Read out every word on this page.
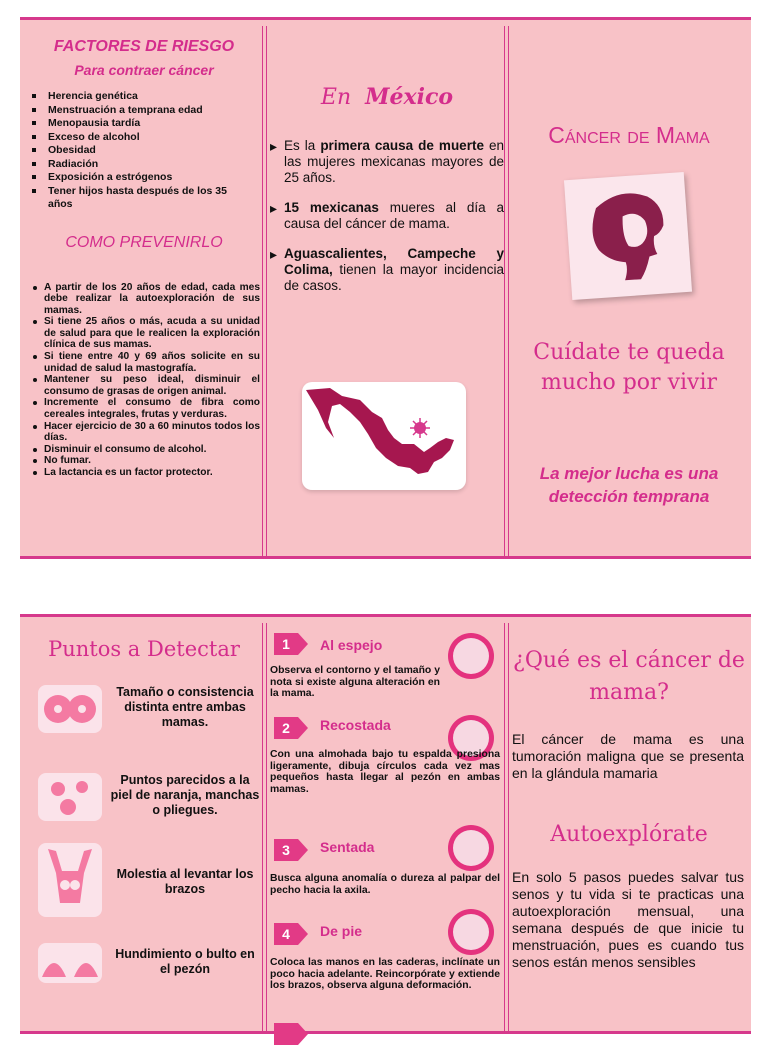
FACTORES DE RIESGO
Para contraer cáncer
Herencia genética
Menstruación a temprana edad
Menopausia tardía
Exceso de alcohol
Obesidad
Radiación
Exposición a estrógenos
Tener hijos hasta después de los 35 años
COMO PREVENIRLO
A partir de los 20 años de edad, cada mes debe realizar la autoexploración de sus mamas.
Si tiene 25 años o más, acuda a su unidad de salud para que le realicen la exploración clínica de sus mamas.
Si tiene entre 40 y 69 años solicite en su unidad de salud la mastografía.
Mantener su peso ideal, disminuir el consumo de grasas de origen animal.
Incremente el consumo de fibra como cereales integrales, frutas y verduras.
Hacer ejercicio de 30 a 60 minutos todos los días.
Disminuir el consumo de alcohol.
No fumar.
La lactancia es un factor protector.
En México
▸ Es la primera causa de muerte en las mujeres mexicanas mayores de 25 años.
▸ 15 mexicanas mueres al día a causa del cáncer de mama.
▸ Aguascalientes, Campeche y Colima, tienen la mayor incidencia de casos.
Cáncer de Mama
Cuídate te queda mucho por vivir
La mejor lucha es una detección temprana
Puntos a Detectar
Tamaño o consistencia distinta entre ambas mamas.
Puntos parecidos a la piel de naranja, manchas o pliegues.
Molestia al levantar los brazos
Hundimiento o bulto en el pezón
1	Al espejo
Observa el contorno y el tamaño y nota si existe alguna alteración en la mama.
2	Recostada
Con una almohada bajo tu espalda presiona ligeramente, dibuja círculos cada vez mas pequeños hasta llegar al pezón en ambas mamas.
3	Sentada
Busca alguna anomalía o dureza al palpar del pecho hacia la axila.
4	De pie
Coloca las manos en las caderas, inclínate un poco hacia adelante. Reincorpórate y extiende los brazos, observa alguna deformación.
¿Qué es el cáncer de mama?
El cáncer de mama es una tumoración maligna que se presenta en la glándula mamaria
Autoexplórate
En solo 5 pasos puedes salvar tus senos y tu vida si te practicas una autoexploración mensual, una semana después de que inicie tu menstruación, pues es cuando tus senos están menos sensibles
